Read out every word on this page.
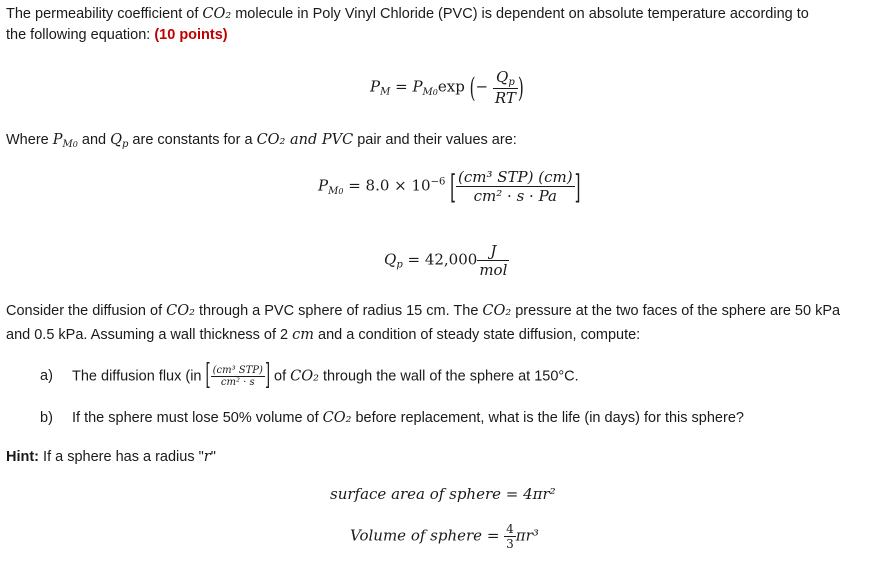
The permeability coefficient of CO₂ molecule in Poly Vinyl Chloride (PVC) is dependent on absolute temperature according to
the following equation: (10 points)
$P_M = P_{M0}\exp$ (− $\frac{Q_p}{RT}$ )
Where $P_{M0}$ and $Q_p$ are constants for a CO₂ and PVC pair and their values are:
$P_{M0} = 8.0 \times 10^{-6}$ [ $\frac{\text{(cm³ STP) (cm)}}{\text{cm² · s · Pa}}$ ]
$Q_p = 42,000 \frac{J}{\text{mol}}$
Consider the diffusion of CO₂ through a PVC sphere of radius 15 cm. The CO₂ pressure at the two faces of the sphere are 50 kPa
and 0.5 kPa. Assuming a wall thickness of 2 cm and a condition of steady state diffusion, compute:
a) The diffusion flux (in [ $\frac{\text{(cm³ STP)}}{\text{cm² · s}}$ ] of CO₂ through the wall of the sphere at 150°C.
b) If the sphere must lose 50% volume of CO₂ before replacement, what is the life (in days) for this sphere?
Hint: If a sphere has a radius "r"
surface area of sphere = 4πr²
Volume of sphere = $\frac{4}{3} \pi r^3$
